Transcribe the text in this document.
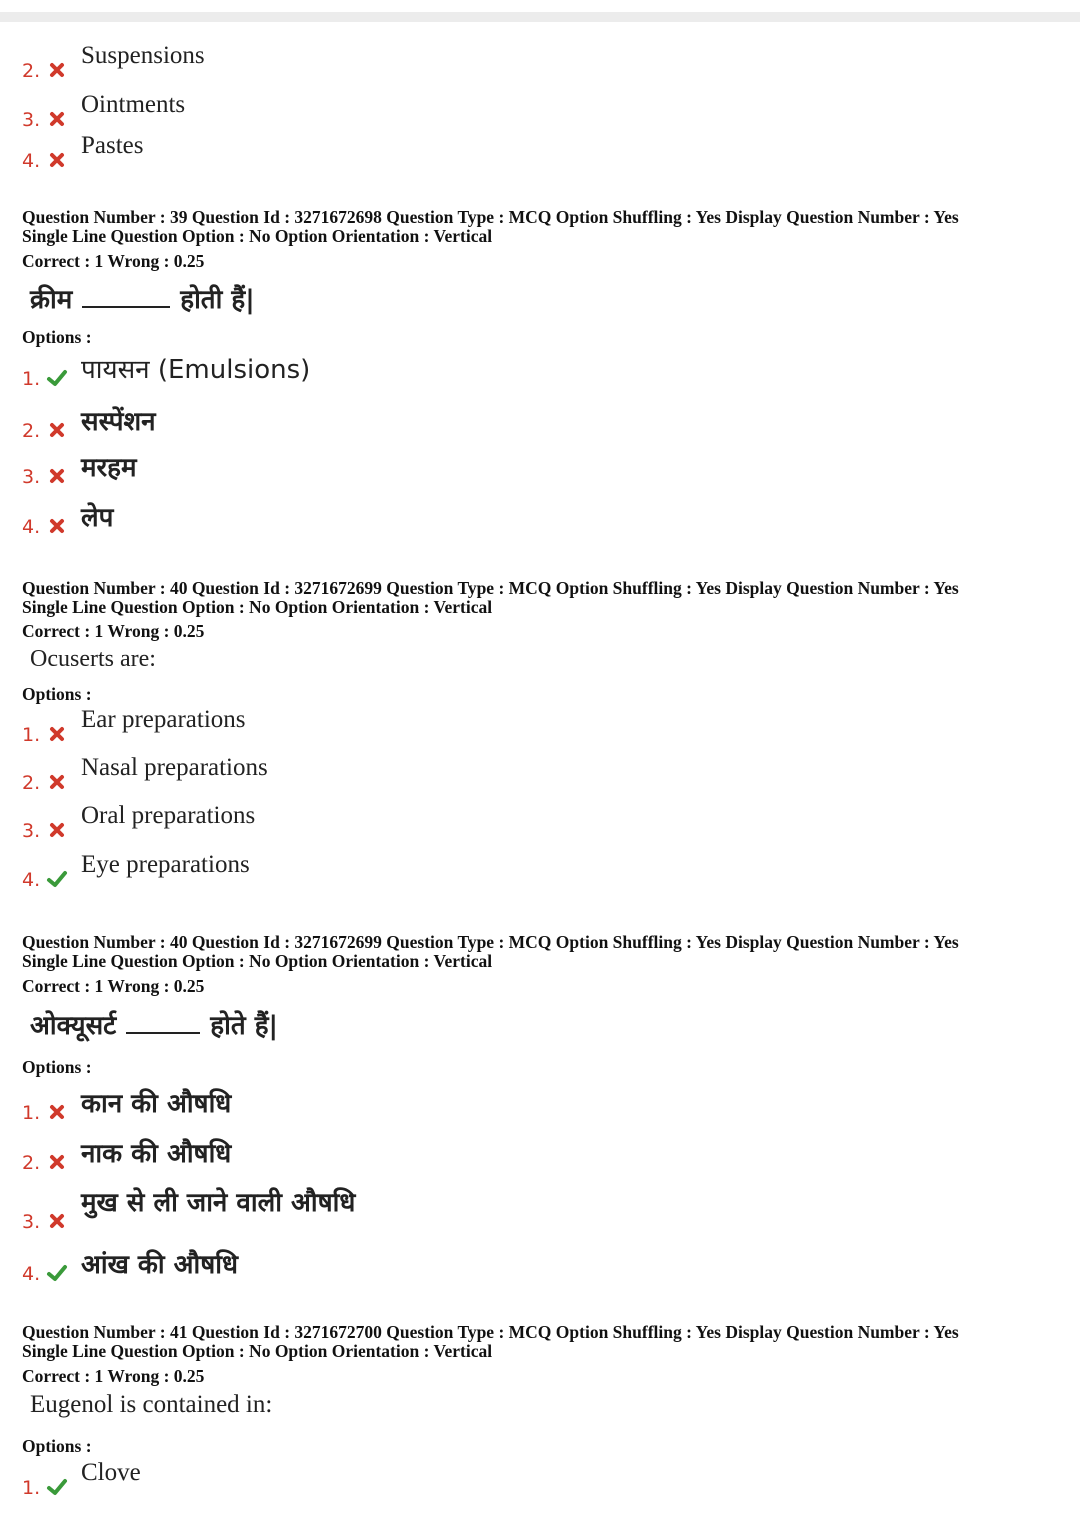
2.
Suspensions
3.
Ointments
4.
Pastes
Question Number : 39 Question Id : 3271672698 Question Type : MCQ Option Shuffling : Yes Display Question Number : Yes
Single Line Question Option : No Option Orientation : Vertical
Correct : 1 Wrong : 0.25
क्रीम	होती हैं|
Options :
1. पायसन (Emulsions)
2. सस्पेंशन
3. मरहम
4. लेप
Question Number : 40 Question Id : 3271672699 Question Type : MCQ Option Shuffling : Yes Display Question Number : Yes
Single Line Question Option : No Option Orientation : Vertical
Correct : 1 Wrong : 0.25
Ocuserts are:
Options :
1.
Ear preparations
2.
Nasal preparations
3.
Oral preparations
4.
Eye preparations
Question Number : 40 Question Id : 3271672699 Question Type : MCQ Option Shuffling : Yes Display Question Number : Yes
Single Line Question Option : No Option Orientation : Vertical
Correct : 1 Wrong : 0.25
ओक्यूसर्ट	होते हैं|
Options :
1. कान की औषधि
2. नाक की औषधि
3.
मुख से ली जाने वाली औषधि
4. आंख की औषधि
Question Number : 41 Question Id : 3271672700 Question Type : MCQ Option Shuffling : Yes Display Question Number : Yes
Single Line Question Option : No Option Orientation : Vertical
Correct : 1 Wrong : 0.25
Eugenol is contained in:
Options :
1.
Clove
